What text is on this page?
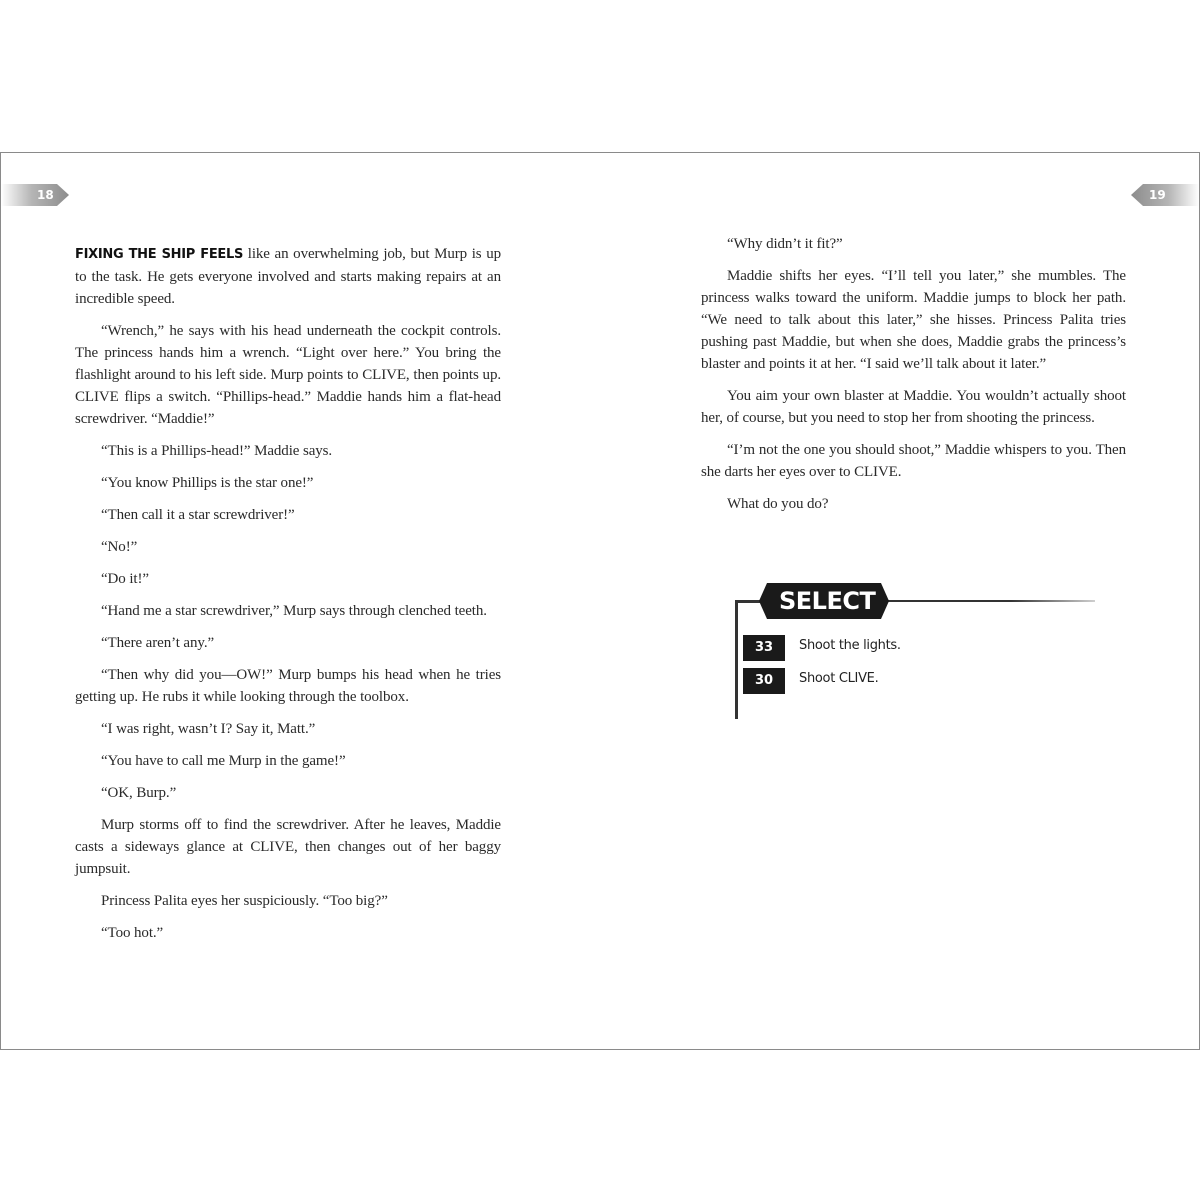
18	19

FIXING THE SHIP FEELS like an overwhelming job, but Murp is up to the task. He gets everyone involved and starts making repairs at an incredible speed.

“Wrench,” he says with his head underneath the cockpit controls. The princess hands him a wrench. “Light over here.” You bring the flashlight around to his left side. Murp points to CLIVE, then points up. CLIVE flips a switch. “Phillips-head.” Maddie hands him a flat-head screwdriver. “Maddie!”

“This is a Phillips-head!” Maddie says.

“You know Phillips is the star one!”

“Then call it a star screwdriver!”

“No!”

“Do it!”

“Hand me a star screwdriver,” Murp says through clenched teeth.

“There aren’t any.”

“Then why did you—OW!” Murp bumps his head when he tries getting up. He rubs it while looking through the toolbox.

“I was right, wasn’t I? Say it, Matt.”

“You have to call me Murp in the game!”

“OK, Burp.”

Murp storms off to find the screwdriver. After he leaves, Maddie casts a sideways glance at CLIVE, then changes out of her baggy jumpsuit.

Princess Palita eyes her suspiciously. “Too big?”

“Too hot.”

“Why didn’t it fit?”

Maddie shifts her eyes. “I’ll tell you later,” she mumbles. The princess walks toward the uniform. Maddie jumps to block her path. “We need to talk about this later,” she hisses. Princess Palita tries pushing past Maddie, but when she does, Maddie grabs the princess’s blaster and points it at her. “I said we’ll talk about it later.”

You aim your own blaster at Maddie. You wouldn’t actually shoot her, of course, but you need to stop her from shooting the princess.

“I’m not the one you should shoot,” Maddie whispers to you. Then she darts her eyes over to CLIVE.

What do you do?

SELECT
33	Shoot the lights.
30	Shoot CLIVE.
